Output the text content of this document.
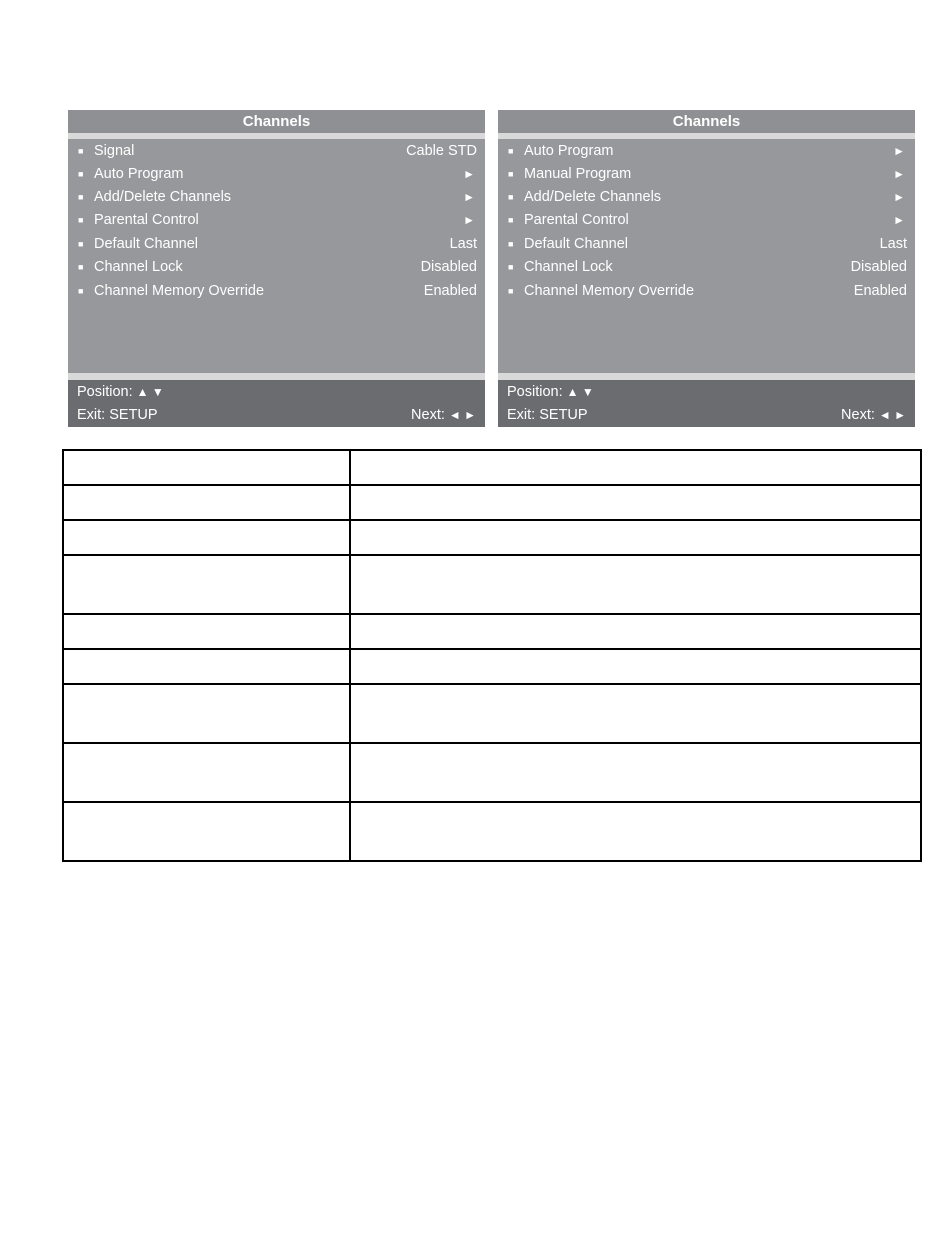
Channels
■ Signal	Cable STD
■ Auto Program	►
■ Add/Delete Channels	►
■ Parental Control	►
■ Default Channel	Last
■ Channel Lock	Disabled
■ Channel Memory Override	Enabled
Position: ▲ ▼
Exit: SETUP	Next: ◄ ►
Channels
■ Auto Program	►
■ Manual Program	►
■ Add/Delete Channels	►
■ Parental Control	►
■ Default Channel	Last
■ Channel Lock	Disabled
■ Channel Memory Override	Enabled
Position: ▲ ▼
Exit: SETUP	Next: ◄ ►
